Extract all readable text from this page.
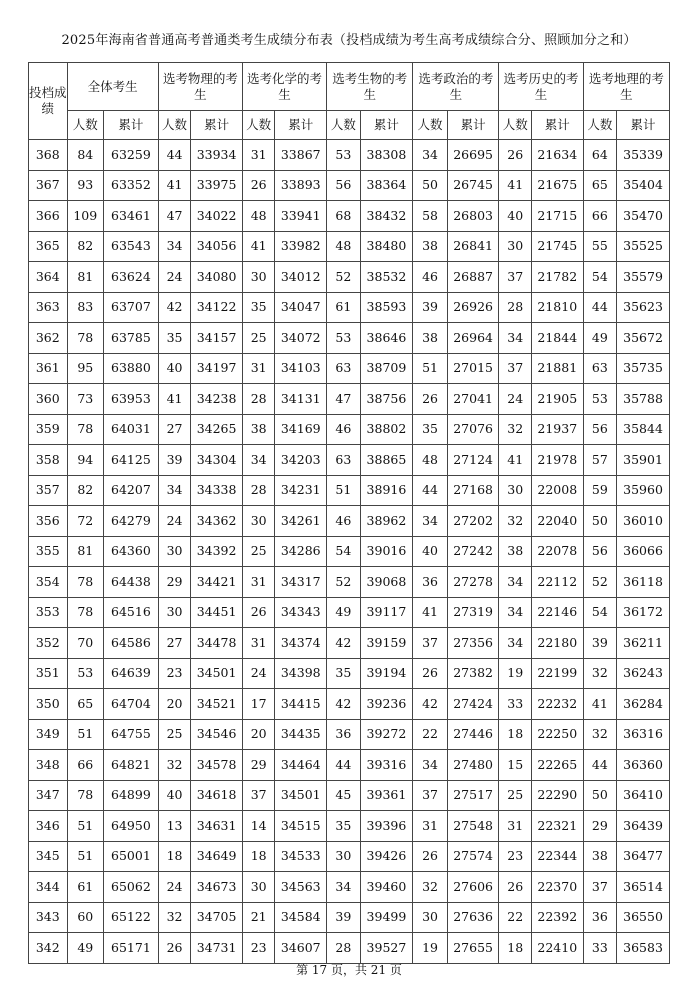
2025年海南省普通高考普通类考生成绩分布表（投档成绩为考生高考成绩综合分、照顾加分之和）
投档成绩	全体考生		选考物理的考生		选考化学的考生		选考生物的考生		选考政治的考生		选考历史的考生		选考地理的考生	
	人数	累计	人数	累计	人数	累计	人数	累计	人数	累计	人数	累计	人数	累计
368	84	63259	44	33934	31	33867	53	38308	34	26695	26	21634	64	35339
367	93	63352	41	33975	26	33893	56	38364	50	26745	41	21675	65	35404
366	109	63461	47	34022	48	33941	68	38432	58	26803	40	21715	66	35470
365	82	63543	34	34056	41	33982	48	38480	38	26841	30	21745	55	35525
364	81	63624	24	34080	30	34012	52	38532	46	26887	37	21782	54	35579
363	83	63707	42	34122	35	34047	61	38593	39	26926	28	21810	44	35623
362	78	63785	35	34157	25	34072	53	38646	38	26964	34	21844	49	35672
361	95	63880	40	34197	31	34103	63	38709	51	27015	37	21881	63	35735
360	73	63953	41	34238	28	34131	47	38756	26	27041	24	21905	53	35788
359	78	64031	27	34265	38	34169	46	38802	35	27076	32	21937	56	35844
358	94	64125	39	34304	34	34203	63	38865	48	27124	41	21978	57	35901
357	82	64207	34	34338	28	34231	51	38916	44	27168	30	22008	59	35960
356	72	64279	24	34362	30	34261	46	38962	34	27202	32	22040	50	36010
355	81	64360	30	34392	25	34286	54	39016	40	27242	38	22078	56	36066
354	78	64438	29	34421	31	34317	52	39068	36	27278	34	22112	52	36118
353	78	64516	30	34451	26	34343	49	39117	41	27319	34	22146	54	36172
352	70	64586	27	34478	31	34374	42	39159	37	27356	34	22180	39	36211
351	53	64639	23	34501	24	34398	35	39194	26	27382	19	22199	32	36243
350	65	64704	20	34521	17	34415	42	39236	42	27424	33	22232	41	36284
349	51	64755	25	34546	20	34435	36	39272	22	27446	18	22250	32	36316
348	66	64821	32	34578	29	34464	44	39316	34	27480	15	22265	44	36360
347	78	64899	40	34618	37	34501	45	39361	37	27517	25	22290	50	36410
346	51	64950	13	34631	14	34515	35	39396	31	27548	31	22321	29	36439
345	51	65001	18	34649	18	34533	30	39426	26	27574	23	22344	38	36477
344	61	65062	24	34673	30	34563	34	39460	32	27606	26	22370	37	36514
343	60	65122	32	34705	21	34584	39	39499	30	27636	22	22392	36	36550
342	49	65171	26	34731	23	34607	28	39527	19	27655	18	22410	33	36583
第 17 页，共 21 页
